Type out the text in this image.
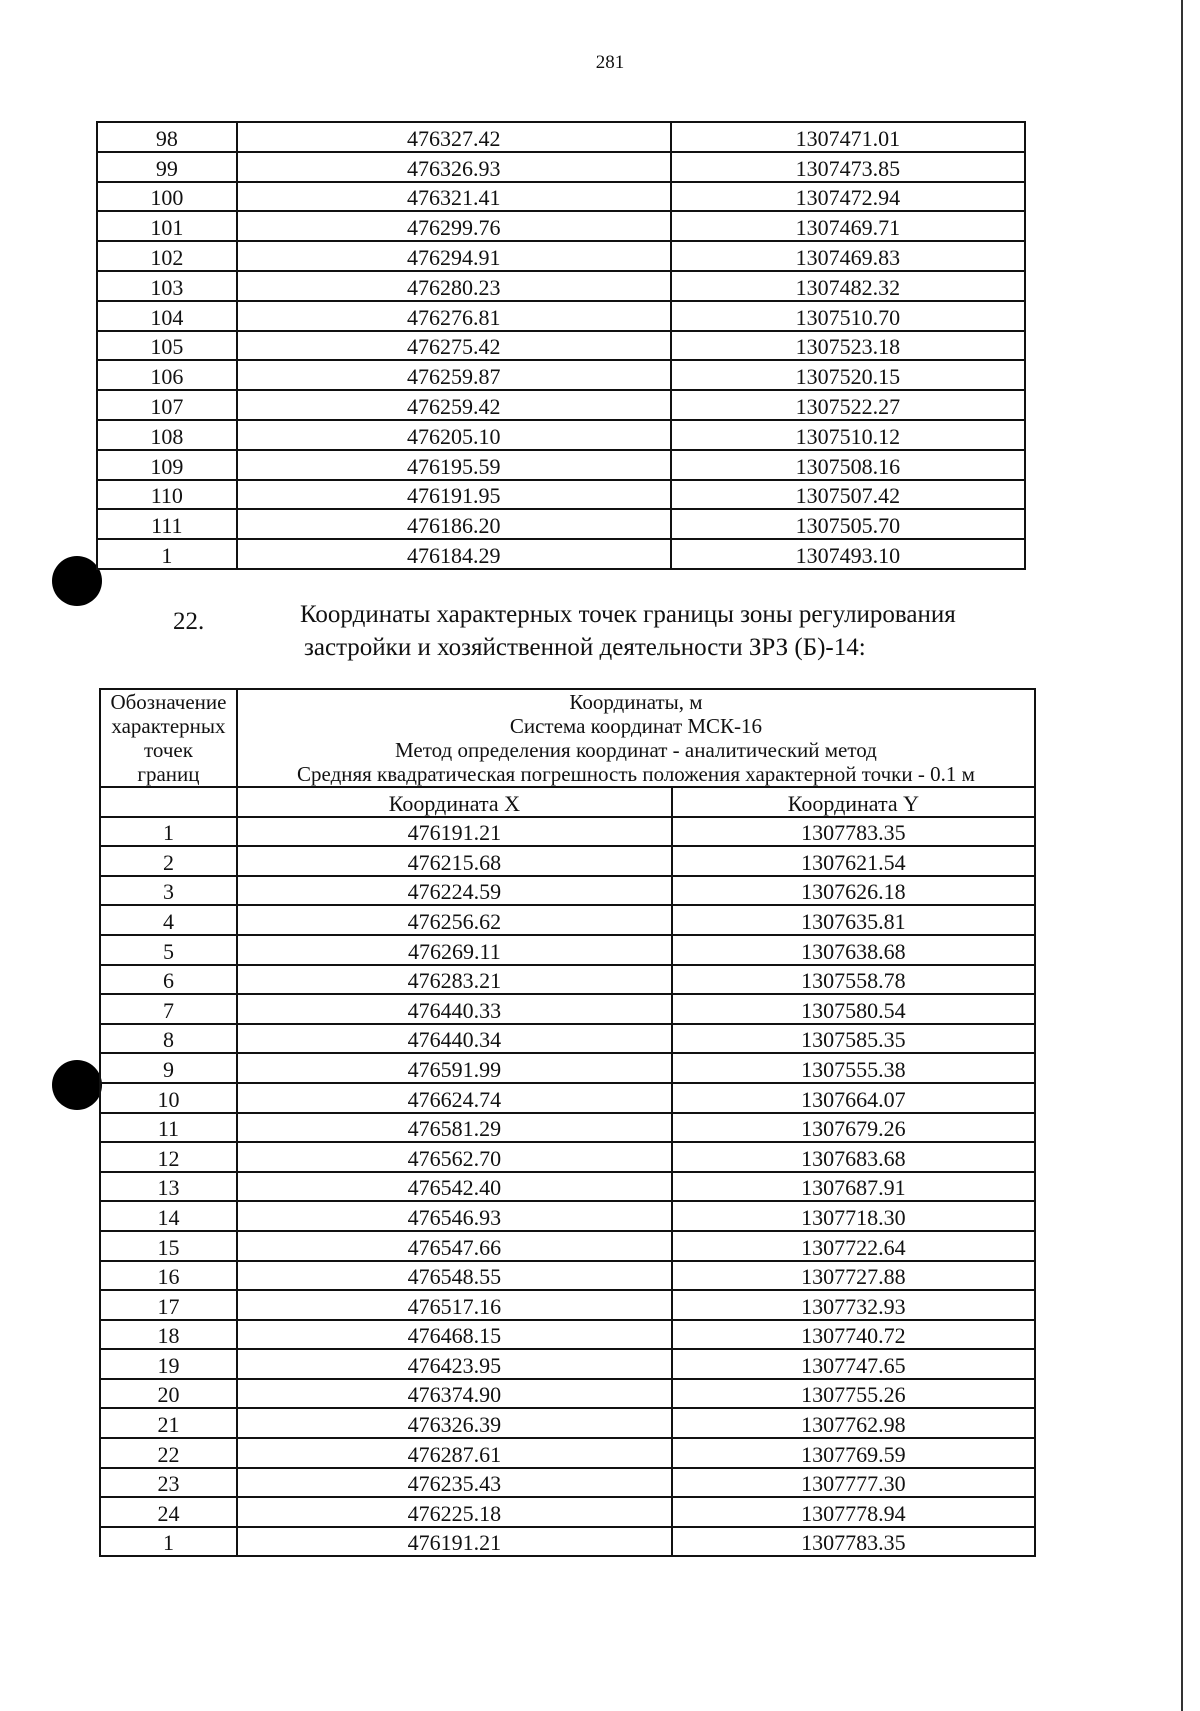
281
98	476327.42	1307471.01
99	476326.93	1307473.85
100	476321.41	1307472.94
101	476299.76	1307469.71
102	476294.91	1307469.83
103	476280.23	1307482.32
104	476276.81	1307510.70
105	476275.42	1307523.18
106	476259.87	1307520.15
107	476259.42	1307522.27
108	476205.10	1307510.12
109	476195.59	1307508.16
110	476191.95	1307507.42
111	476186.20	1307505.70
1	476184.29	1307493.10
22.	Координаты характерных точек границы зоны регулирования
застройки и хозяйственной деятельности ЗРЗ (Б)-14:
Обозначение
характерных
точек
границ	Координаты, м
Система координат МСК-16
Метод определения координат - аналитический метод
Средняя квадратическая погрешность положения характерной точки - 0.1 м	

	Координата X	Координата Y
1	476191.21	1307783.35
2	476215.68	1307621.54
3	476224.59	1307626.18
4	476256.62	1307635.81
5	476269.11	1307638.68
6	476283.21	1307558.78
7	476440.33	1307580.54
8	476440.34	1307585.35
9	476591.99	1307555.38
10	476624.74	1307664.07
11	476581.29	1307679.26
12	476562.70	1307683.68
13	476542.40	1307687.91
14	476546.93	1307718.30
15	476547.66	1307722.64
16	476548.55	1307727.88
17	476517.16	1307732.93
18	476468.15	1307740.72
19	476423.95	1307747.65
20	476374.90	1307755.26
21	476326.39	1307762.98
22	476287.61	1307769.59
23	476235.43	1307777.30
24	476225.18	1307778.94
1	476191.21	1307783.35
